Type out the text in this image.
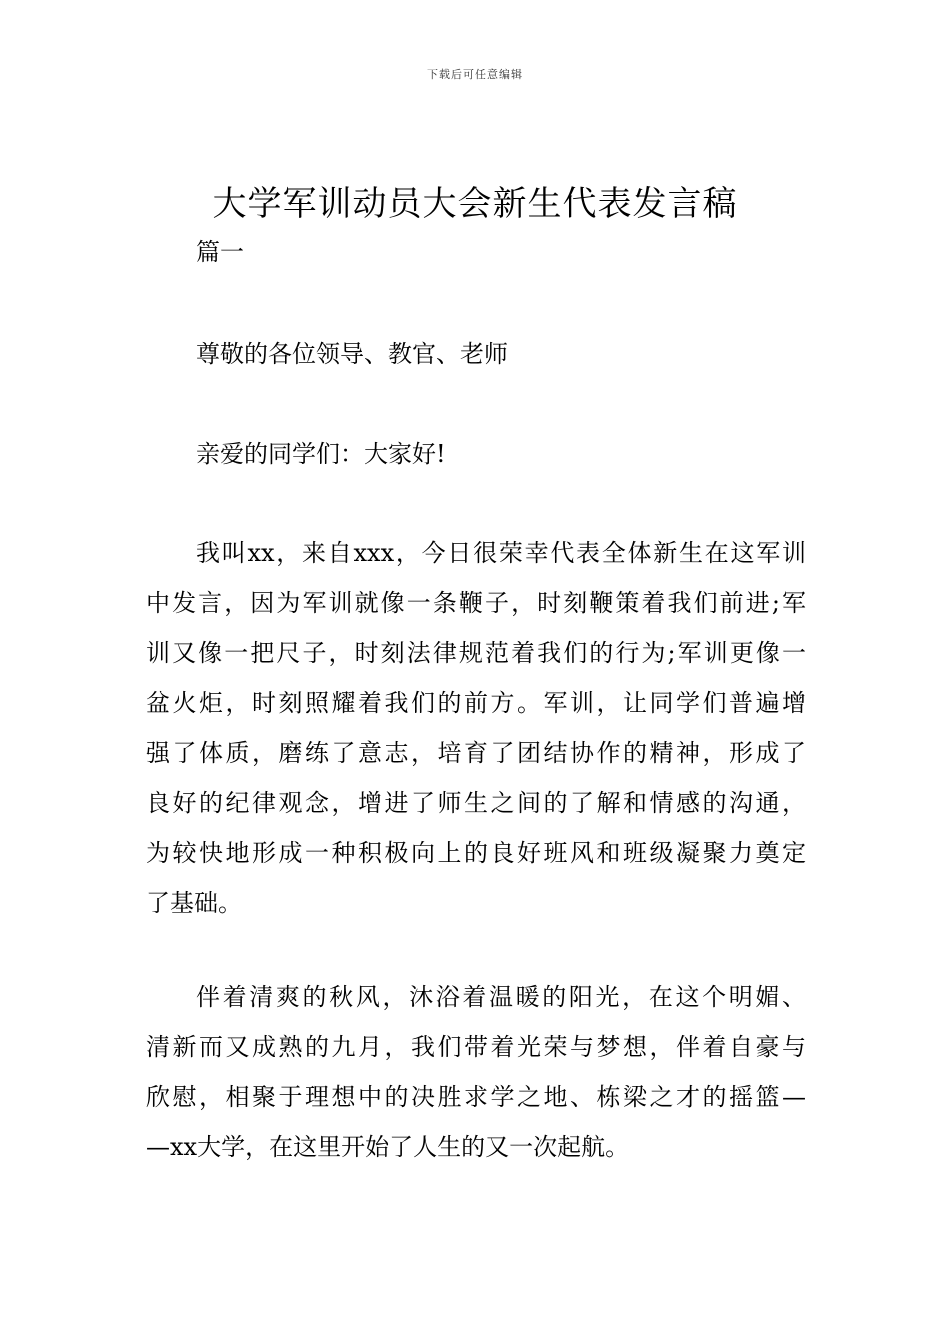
下载后可任意编辑
大学军训动员大会新生代表发言稿
篇一
尊敬的各位领导、教官、老师
亲爱的同学们：大家好!

我叫xx，来自xxx，今日很荣幸代表全体新生在这军训
中发言，因为军训就像一条鞭子，时刻鞭策着我们前进;军
训又像一把尺子，时刻法律规范着我们的行为;军训更像一
盆火炬，时刻照耀着我们的前方。军训，让同学们普遍增
强了体质，磨练了意志，培育了团结协作的精神，形成了
良好的纪律观念，增进了师生之间的了解和情感的沟通，
为较快地形成一种积极向上的良好班风和班级凝聚力奠定
了基础。

伴着清爽的秋风，沐浴着温暖的阳光，在这个明媚、
清新而又成熟的九月，我们带着光荣与梦想，伴着自豪与
欣慰，相聚于理想中的决胜求学之地、栋梁之才的摇篮—
—xx大学，在这里开始了人生的又一次起航。
